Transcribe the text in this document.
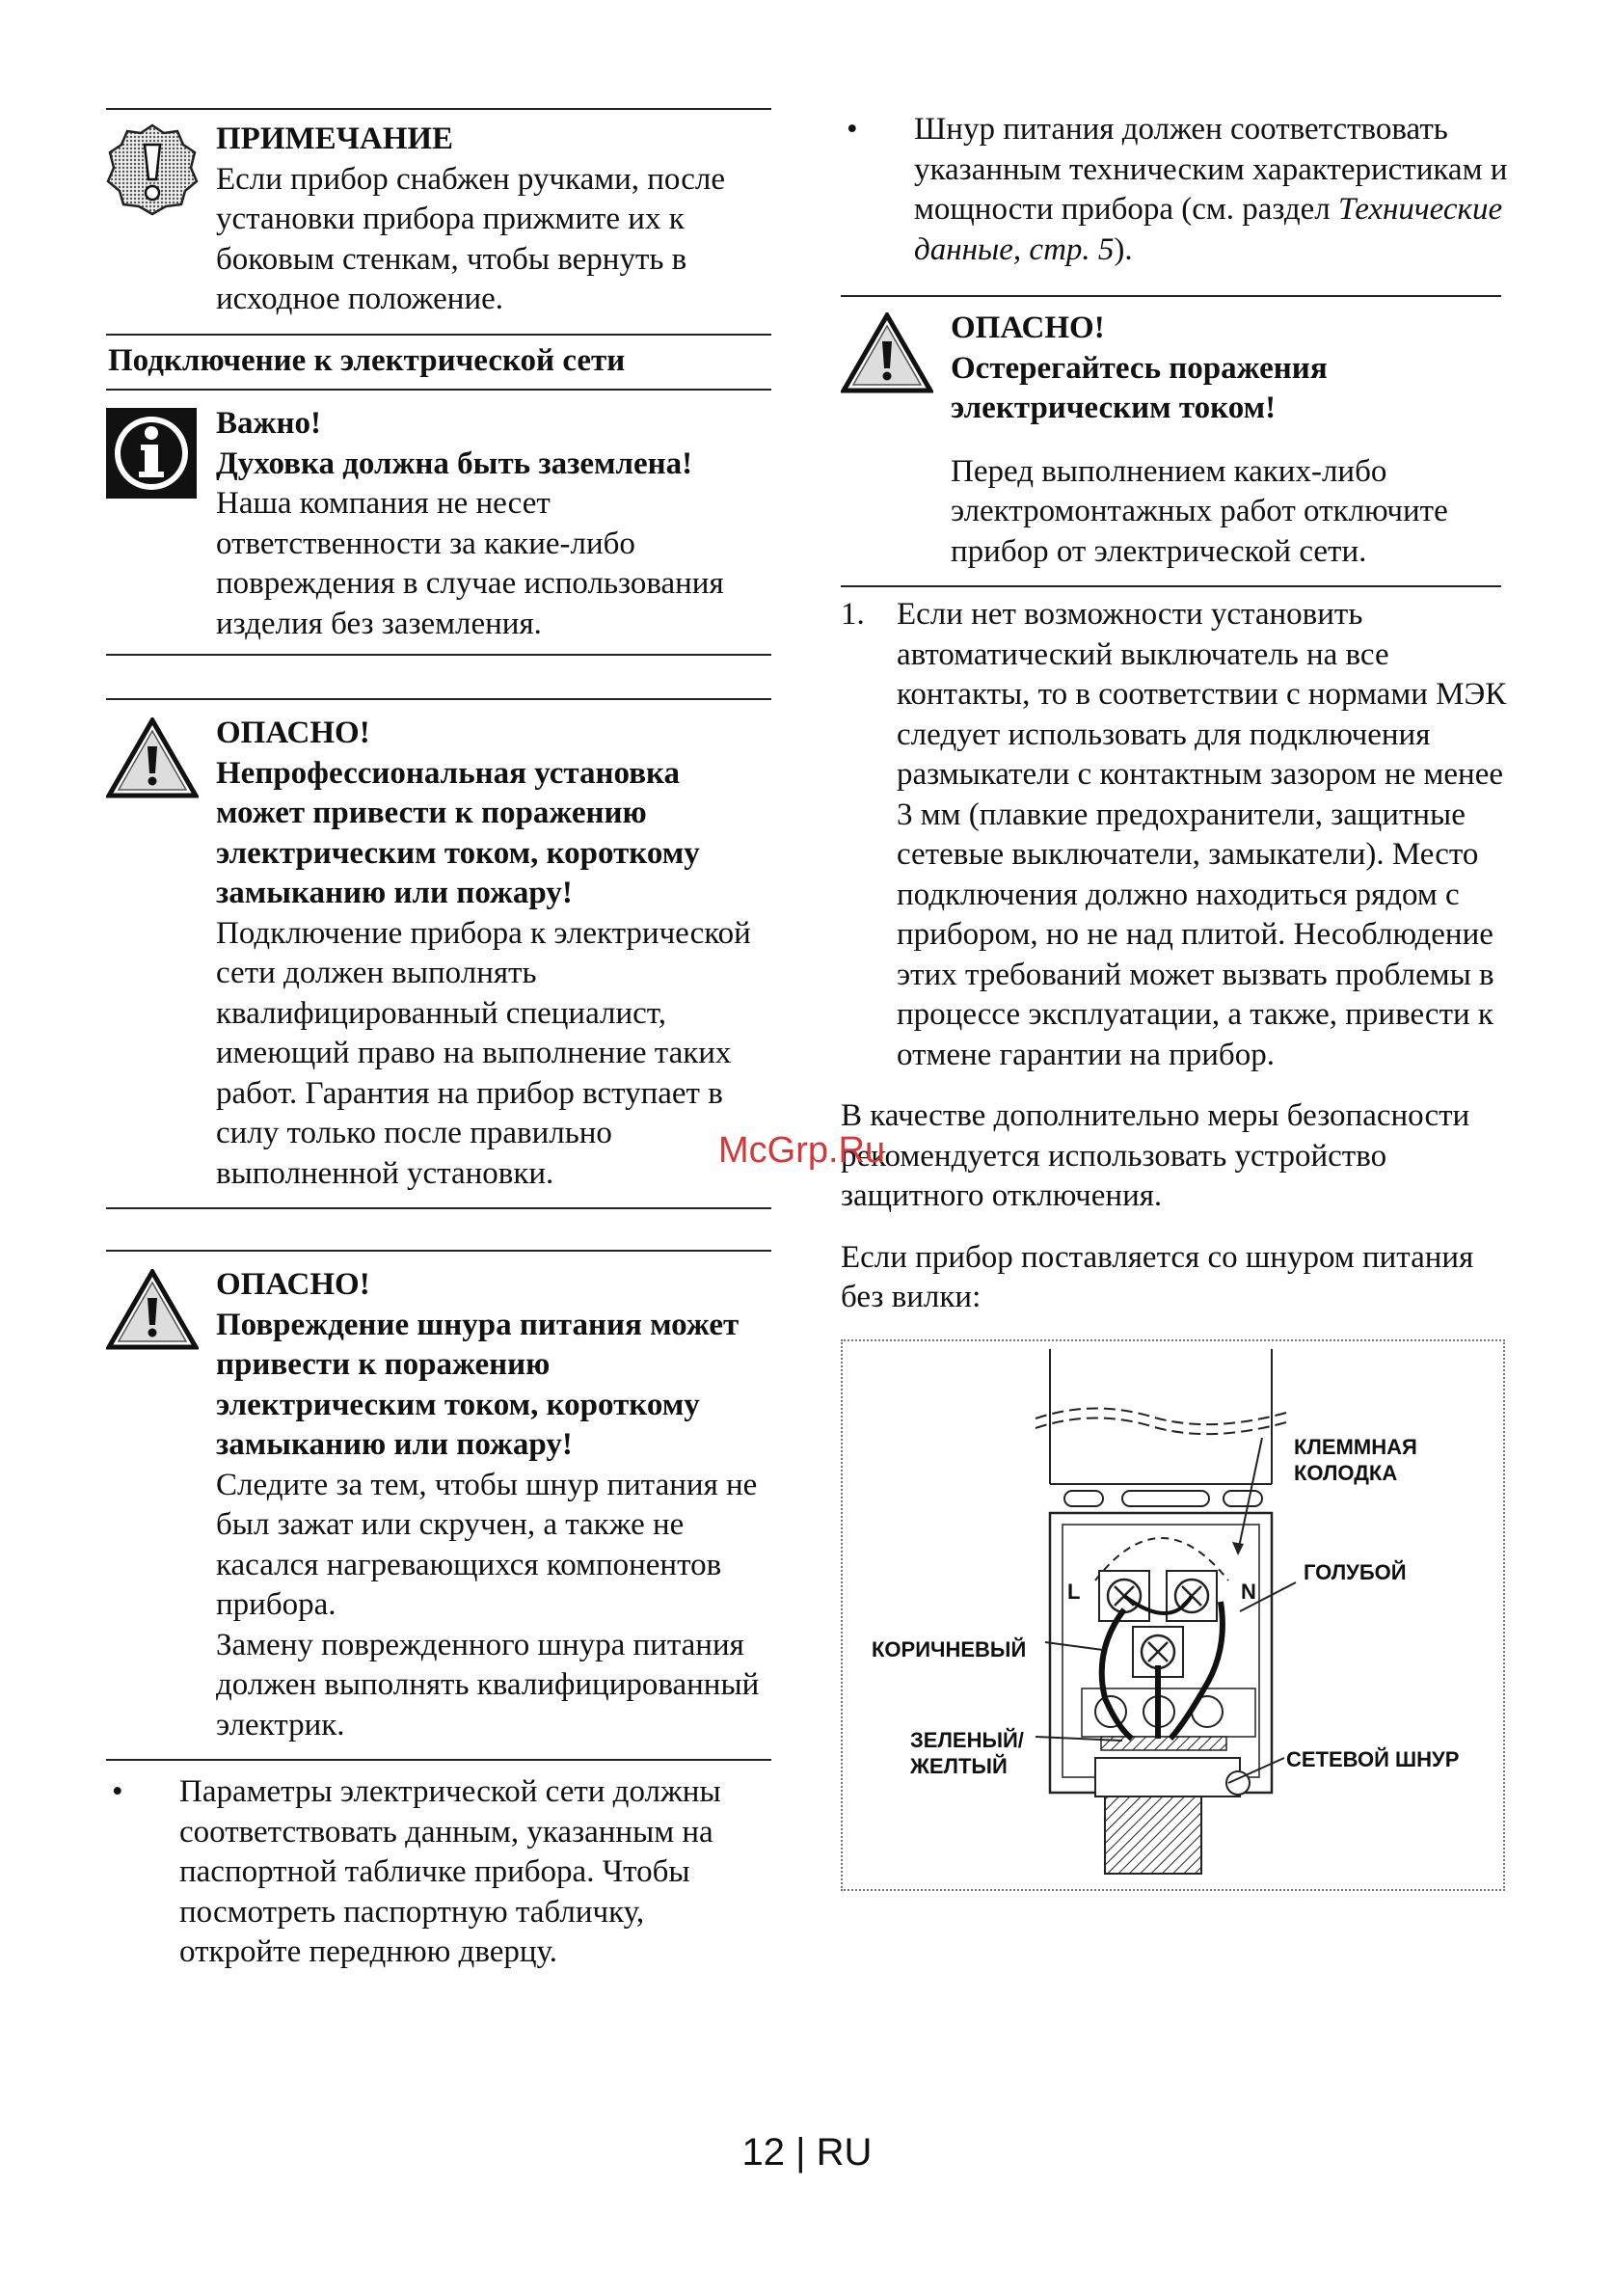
ПРИМЕЧАНИЕ

Если прибор снабжен ручками, после установки прибора прижмите их к боковым стенкам, чтобы вернуть в исходное положение.

Подключение к электрической сети

Важно!

Духовка должна быть заземлена!

Наша компания не несет ответственности за какие-либо повреждения в случае использования изделия без заземления.

ОПАСНО!

Непрофессиональная установка может привести к поражению электрическим током, короткому замыканию или пожару!

Подключение прибора к электрической сети должен выполнять квалифицированный специалист, имеющий право на выполнение таких работ. Гарантия на прибор вступает в силу только после правильно выполненной установки.

ОПАСНО!

Повреждение шнура питания может привести к поражению электрическим током, короткому замыканию или пожару!

Следите за тем, чтобы шнур питания не был зажат или скручен, а также не касался нагревающихся компонентов прибора.

Замену поврежденного шнура питания должен выполнять квалифицированный электрик.

•	Параметры электрической сети должны соответствовать данным, указанным на паспортной табличке прибора. Чтобы посмотреть паспортную табличку, откройте переднюю дверцу.
•	Шнур питания должен соответствовать указанным техническим характеристикам и мощности прибора (см. раздел Технические данные, стр. 5).

ОПАСНО!

Остерегайтесь поражения электрическим током!

Перед выполнением каких-либо электромонтажных работ отключите прибор от электрической сети.

1.	Если нет возможности установить автоматический выключатель на все контакты, то в соответствии с нормами МЭК следует использовать для подключения размыкатели с контактным зазором не менее 3 мм (плавкие предохранители, защитные сетевые выключатели, замыкатели). Место подключения должно находиться рядом с прибором, но не над плитой. Несоблюдение этих требований может вызвать проблемы в процессе эксплуатации, а также, привести к отмене гарантии на прибор.

В качестве дополнительно меры безопасности рекомендуется использовать устройство защитного отключения.

Если прибор поставляется со шнуром питания без вилки:

L	N
КЛЕММНАЯ
КОЛОДКА
ГОЛУБОЙ
КОРИЧНЕВЫЙ
ЗЕЛЕНЫЙ/
ЖЕЛТЫЙ	СЕТЕВОЙ ШНУР
McGrp.Ru
12 | RU
